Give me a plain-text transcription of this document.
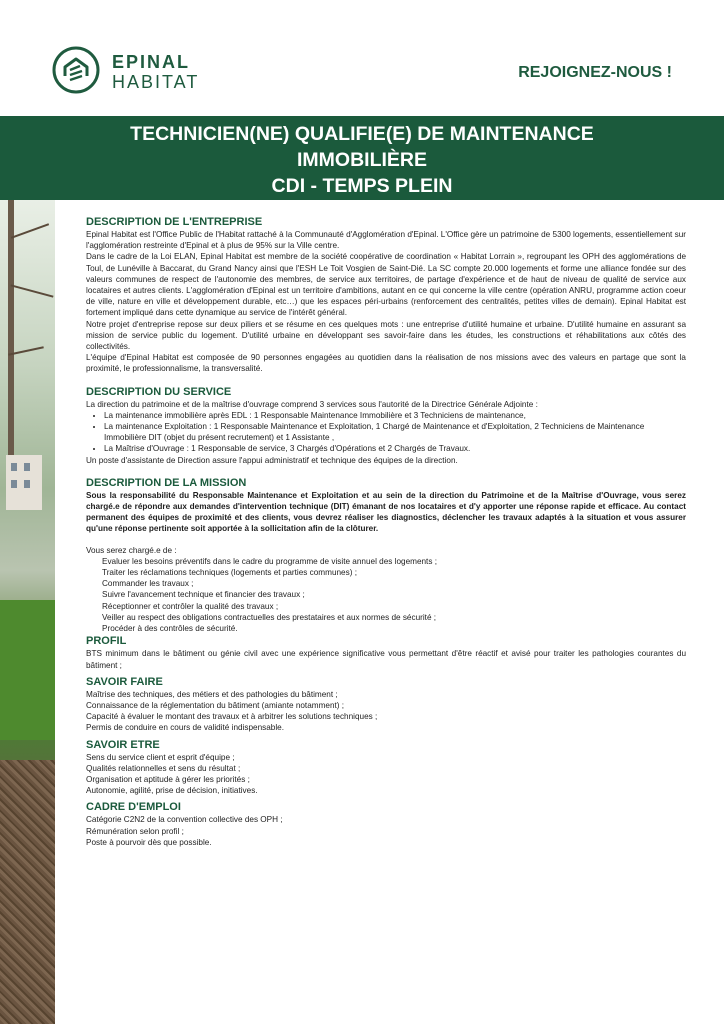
EPINAL
HABITAT	REJOIGNEZ-NOUS !
TECHNICIEN(NE) QUALIFIE(E) DE MAINTENANCE
IMMOBILIÈRE
CDI - TEMPS PLEIN
DESCRIPTION DE L'ENTREPRISE

Epinal Habitat est l'Office Public de l'Habitat rattaché à la Communauté d'Agglomération d'Epinal. L'Office gère un patrimoine de 5300 logements, essentiellement sur l'agglomération restreinte d'Epinal et à plus de 95% sur la Ville centre.

Dans le cadre de la Loi ELAN, Epinal Habitat est membre de la société coopérative de coordination « Habitat Lorrain », regroupant les OPH des agglomérations de Toul, de Lunéville à Baccarat, du Grand Nancy ainsi que l'ESH Le Toit Vosgien de Saint-Dié. La SC compte 20.000 logements et forme une alliance fondée sur des valeurs communes de respect de l'autonomie des membres, de service aux territoires, de partage d'expérience et de haut de niveau de qualité de service aux locataires et autres clients. L'agglomération d'Epinal est un territoire d'ambitions, autant en ce qui concerne la ville centre (opération ANRU, programme action coeur de ville, nature en ville et développement durable, etc…) que les espaces péri-urbains (renforcement des centralités, petites villes de demain). Epinal Habitat est fortement impliqué dans cette dynamique au service de l'intérêt général.

Notre projet d'entreprise repose sur deux piliers et se résume en ces quelques mots : une entreprise d'utilité humaine et urbaine. D'utilité humaine en assurant sa mission de service public du logement. D'utilité urbaine en développant ses savoir-faire dans les études, les constructions et réhabilitations aux côtés des collectivités.

L'équipe d'Epinal Habitat est composée de 90 personnes engagées au quotidien dans la réalisation de nos missions avec des valeurs en partage que sont la proximité, le professionnalisme, la transversalité.

DESCRIPTION DU SERVICE

La direction du patrimoine et de la maîtrise d'ouvrage comprend 3 services sous l'autorité de la Directrice Générale Adjointe :

• La maintenance immobilière après EDL : 1 Responsable Maintenance Immobilière et 3 Techniciens de maintenance,
• La maintenance Exploitation : 1 Responsable Maintenance et Exploitation, 1 Chargé de Maintenance et d'Exploitation, 2 Techniciens de Maintenance Immobilière DIT (objet du présent recrutement) et 1 Assistante ,
• La Maîtrise d'Ouvrage : 1 Responsable de service, 3 Chargés d'Opérations et 2 Chargés de Travaux.

Un poste d'assistante de Direction assure l'appui administratif et technique des équipes de la direction.

DESCRIPTION DE LA MISSION

Sous la responsabilité du Responsable Maintenance et Exploitation et au sein de la direction du Patrimoine et de la Maîtrise d'Ouvrage, vous serez chargé.e de répondre aux demandes d'intervention technique (DIT) émanant de nos locataires et d'y apporter une réponse rapide et efficace. Au contact permanent des équipes de proximité et des clients, vous devrez réaliser les diagnostics, déclencher les travaux adaptés à la situation et vous assurer qu'une réponse pertinente soit apportée à la sollicitation afin de la clôturer.

Vous serez chargé.e de :

Evaluer les besoins préventifs dans le cadre du programme de visite annuel des logements ;
Traiter les réclamations techniques (logements et parties communes) ;
Commander les travaux ;
Suivre l'avancement technique et financier des travaux ;
Réceptionner et contrôler la qualité des travaux ;
Veiller au respect des obligations contractuelles des prestataires et aux normes de sécurité ;
Procéder à des contrôles de sécurité.
PROFIL

BTS minimum dans le bâtiment ou génie civil avec une expérience significative vous permettant d'être réactif et avisé pour traiter les pathologies courantes du bâtiment ;

SAVOIR FAIRE
Maîtrise des techniques, des métiers et des pathologies du bâtiment ;
Connaissance de la réglementation du bâtiment (amiante notamment) ;
Capacité à évaluer le montant des travaux et à arbitrer les solutions techniques ;
Permis de conduire en cours de validité indispensable.
SAVOIR ETRE
Sens du service client et esprit d'équipe ;
Qualités relationnelles et sens du résultat ;
Organisation et aptitude à gérer les priorités ;
Autonomie, agilité, prise de décision, initiatives.
CADRE D'EMPLOI
Catégorie C2N2 de la convention collective des OPH ;
Rémunération selon profil ;
Poste à pourvoir dès que possible.
